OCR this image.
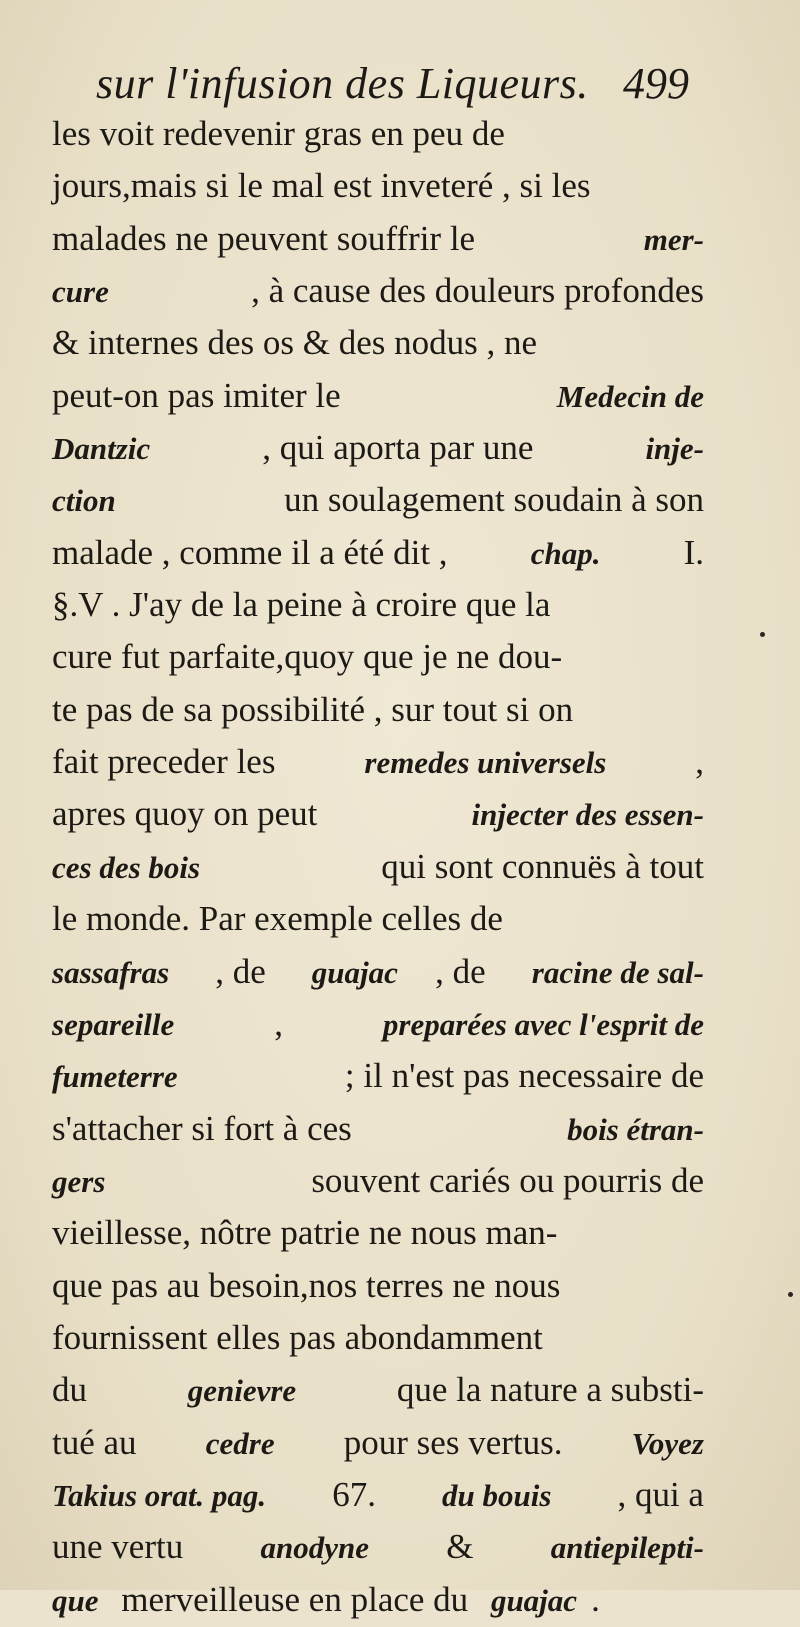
sur l'infusion des Liqueurs. 499
les voit redevenir gras en peu de
jours,mais si le mal est inveteré , si les
malades ne peuvent souffrir le	mer-
cure	, à cause des douleurs profondes
& internes des os & des nodus , ne
peut-on pas imiter le	Medecin de
Dantzic	, qui aporta par une	inje-
ction	un soulagement soudain à son
malade , comme il a été dit , chap. I.
§.V . J'ay de la peine à croire que la
cure fut parfaite,quoy que je ne dou-
te pas de sa possibilité , sur tout si on
fait preceder les	remedes universels ,
apres quoy on peut	injecter des essen-
ces des bois	qui sont connuës à tout
le monde. Par exemple celles de
sassafras , de guajac , de racine de sal-
separeille	,	preparées avec l'esprit de
fumeterre	; il n'est pas necessaire de
s'attacher si fort à ces	bois étran-
gers	souvent cariés ou pourris de
vieillesse, nôtre patrie ne nous man-
que pas au besoin,nos terres ne nous
fournissent elles pas abondamment
du	genievre	que la nature a substi-
tué au cedre pour ses vertus. Voyez
Takius orat. pag. 67. du bouis , qui a
une vertu anodyne & antiepilepti-
que merveilleuse en place du guajac .
